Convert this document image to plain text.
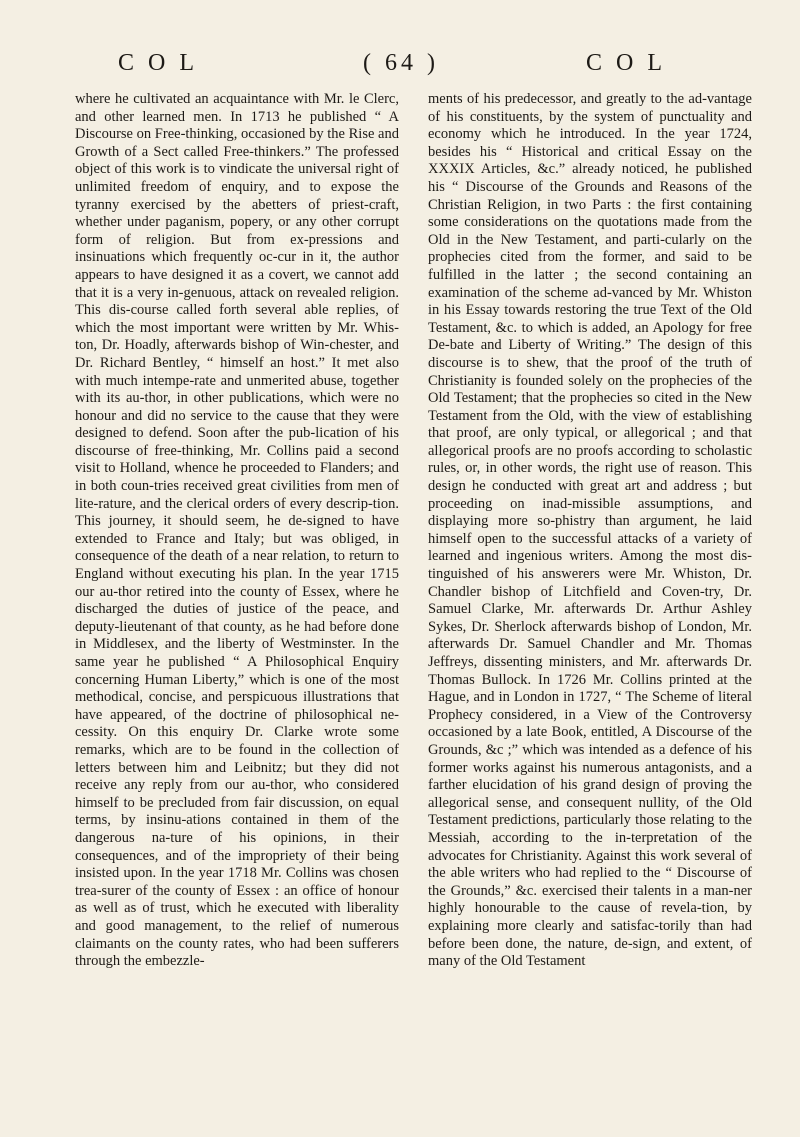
C O L	( 64 )	C O L

where he cultivated an acquaintance with Mr. le Clerc, and other learned men. In 1713 he published “ A Discourse on Free-thinking, occasioned by the Rise and Growth of a Sect called Free-thinkers.” The professed object of this work is to vindicate the universal right of unlimited freedom of enquiry, and to expose the tyranny exercised by the abetters of priest-craft, whether under paganism, popery, or any other corrupt form of religion. But from ex-pressions and insinuations which frequently oc-cur in it, the author appears to have designed it as a covert, we cannot add that it is a very in-genuous, attack on revealed religion. This dis-course called forth several able replies, of which the most important were written by Mr. Whis-ton, Dr. Hoadly, afterwards bishop of Win-chester, and Dr. Richard Bentley, “ himself an host.” It met also with much intempe-rate and unmerited abuse, together with its au-thor, in other publications, which were no honour and did no service to the cause that they were designed to defend. Soon after the pub-lication of his discourse of free-thinking, Mr. Collins paid a second visit to Holland, whence he proceeded to Flanders; and in both coun-tries received great civilities from men of lite-rature, and the clerical orders of every descrip-tion. This journey, it should seem, he de-signed to have extended to France and Italy; but was obliged, in consequence of the death of a near relation, to return to England without executing his plan. In the year 1715 our au-thor retired into the county of Essex, where he discharged the duties of justice of the peace, and deputy-lieutenant of that county, as he had before done in Middlesex, and the liberty of Westminster. In the same year he published “ A Philosophical Enquiry concerning Human Liberty,” which is one of the most methodical, concise, and perspicuous illustrations that have appeared, of the doctrine of philosophical ne-cessity. On this enquiry Dr. Clarke wrote some remarks, which are to be found in the collection of letters between him and Leibnitz; but they did not receive any reply from our au-thor, who considered himself to be precluded from fair discussion, on equal terms, by insinu-ations contained in them of the dangerous na-ture of his opinions, in their consequences, and of the impropriety of their being insisted upon. In the year 1718 Mr. Collins was chosen trea-surer of the county of Essex : an office of honour as well as of trust, which he executed with liberality and good management, to the relief of numerous claimants on the county rates, who had been sufferers through the embezzle-

ments of his predecessor, and greatly to the ad-vantage of his constituents, by the system of punctuality and economy which he introduced. In the year 1724, besides his “ Historical and critical Essay on the XXXIX Articles, &c.” already noticed, he published his “ Discourse of the Grounds and Reasons of the Christian Religion, in two Parts : the first containing some considerations on the quotations made from the Old in the New Testament, and parti-cularly on the prophecies cited from the former, and said to be fulfilled in the latter ; the second containing an examination of the scheme ad-vanced by Mr. Whiston in his Essay towards restoring the true Text of the Old Testament, &c. to which is added, an Apology for free De-bate and Liberty of Writing.” The design of this discourse is to shew, that the proof of the truth of Christianity is founded solely on the prophecies of the Old Testament; that the prophecies so cited in the New Testament from the Old, with the view of establishing that proof, are only typical, or allegorical ; and that allegorical proofs are no proofs according to scholastic rules, or, in other words, the right use of reason. This design he conducted with great art and address ; but proceeding on inad-missible assumptions, and displaying more so-phistry than argument, he laid himself open to the successful attacks of a variety of learned and ingenious writers. Among the most dis-tinguished of his answerers were Mr. Whiston, Dr. Chandler bishop of Litchfield and Coven-try, Dr. Samuel Clarke, Mr. afterwards Dr. Arthur Ashley Sykes, Dr. Sherlock afterwards bishop of London, Mr. afterwards Dr. Samuel Chandler and Mr. Thomas Jeffreys, dissenting ministers, and Mr. afterwards Dr. Thomas Bullock. In 1726 Mr. Collins printed at the Hague, and in London in 1727, “ The Scheme of literal Prophecy considered, in a View of the Controversy occasioned by a late Book, entitled, A Discourse of the Grounds, &c ;” which was intended as a defence of his former works against his numerous antagonists, and a farther elucidation of his grand design of proving the allegorical sense, and consequent nullity, of the Old Testament predictions, particularly those relating to the Messiah, according to the in-terpretation of the advocates for Christianity. Against this work several of the able writers who had replied to the “ Discourse of the Grounds,” &c. exercised their talents in a man-ner highly honourable to the cause of revela-tion, by explaining more clearly and satisfac-torily than had before been done, the nature, de-sign, and extent, of many of the Old Testament
